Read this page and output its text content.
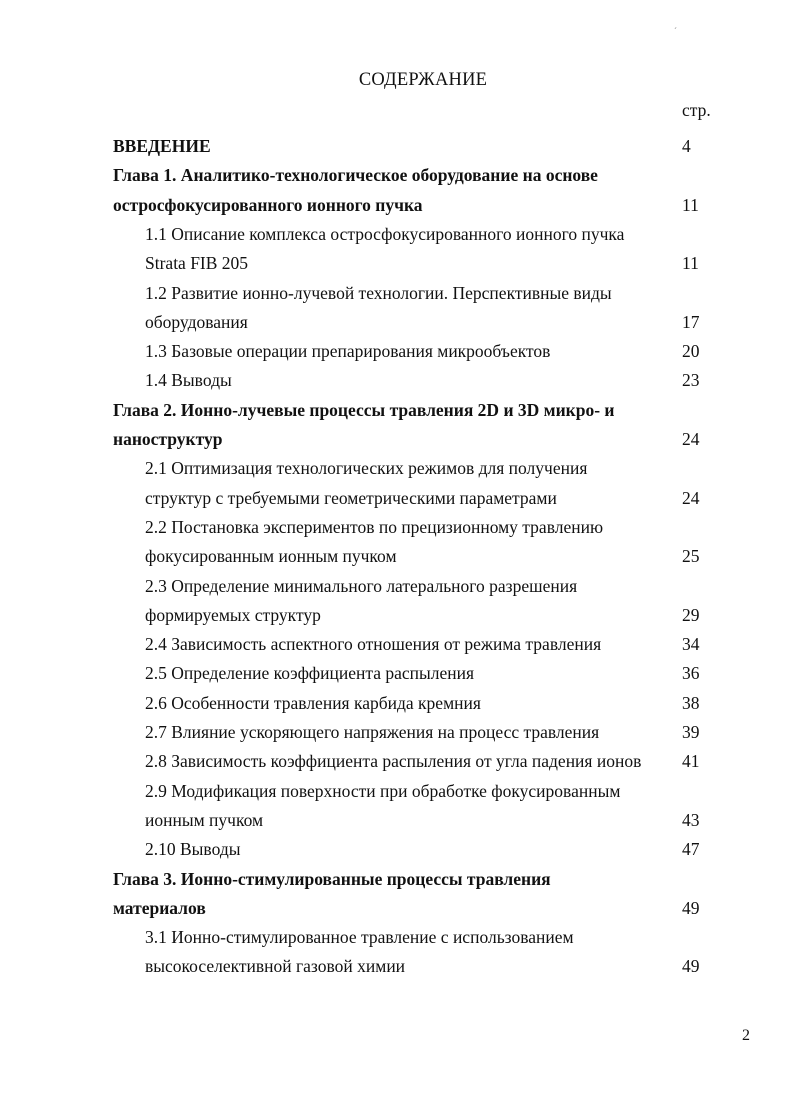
´
СОДЕРЖАНИЕ
стр.
ВВЕДЕНИЕ	4
Глава 1. Аналитико-технологическое оборудование на основе
остросфокусированного ионного пучка	11
1.1 Описание комплекса остросфокусированного ионного пучка
Strata FIB 205	11
1.2 Развитие ионно-лучевой технологии. Перспективные виды
оборудования	17
1.3 Базовые операции препарирования микрообъектов	20
1.4 Выводы	23
Глава 2. Ионно-лучевые процессы травления 2D и 3D микро- и
наноструктур	24
2.1 Оптимизация технологических режимов для получения
структур с требуемыми геометрическими параметрами	24
2.2 Постановка экспериментов по прецизионному травлению
фокусированным ионным пучком	25
2.3 Определение минимального латерального разрешения
формируемых структур	29
2.4 Зависимость аспектного отношения от режима травления	34
2.5 Определение коэффициента распыления	36
2.6 Особенности травления карбида кремния	38
2.7 Влияние ускоряющего напряжения на процесс травления	39
2.8 Зависимость коэффициента распыления от угла падения ионов 41
2.9 Модификация поверхности при обработке фокусированным
ионным пучком	43
2.10 Выводы	47
Глава 3. Ионно-стимулированные процессы травления
материалов	49
3.1 Ионно-стимулированное травление с использованием
высокоселективной газовой химии	49
2
